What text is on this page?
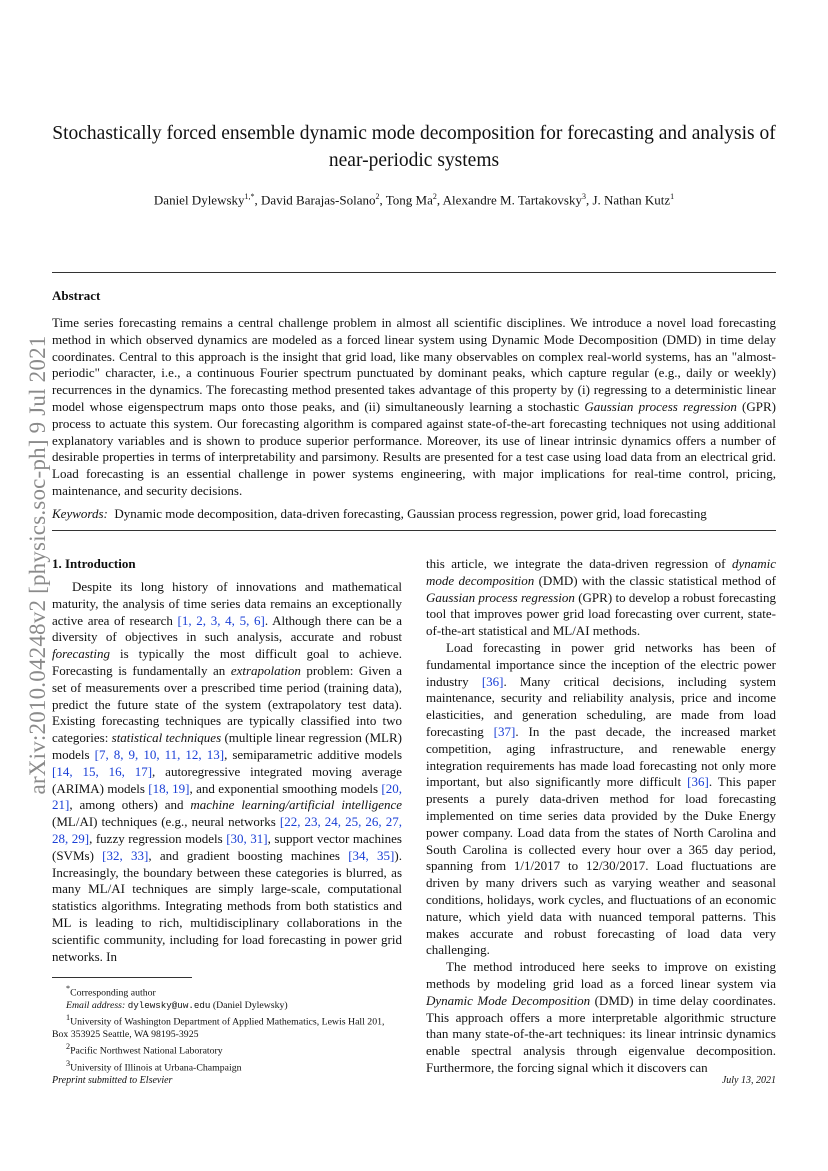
arXiv:2010.04248v2 [physics.soc-ph] 9 Jul 2021
Stochastically forced ensemble dynamic mode decomposition for forecasting and analysis of near-periodic systems
Daniel Dylewsky$^{1,*}$, David Barajas-Solano$^2$, Tong Ma$^2$, Alexandre M. Tartakovsky$^3$, J. Nathan Kutz$^1$
Abstract

Time series forecasting remains a central challenge problem in almost all scientific disciplines. We introduce a novel load forecasting method in which observed dynamics are modeled as a forced linear system using Dynamic Mode Decomposition (DMD) in time delay coordinates. Central to this approach is the insight that grid load, like many observables on complex real-world systems, has an "almost-periodic" character, i.e., a continuous Fourier spectrum punctuated by dominant peaks, which capture regular (e.g., daily or weekly) recurrences in the dynamics. The forecasting method presented takes advantage of this property by (i) regressing to a deterministic linear model whose eigenspectrum maps onto those peaks, and (ii) simultaneously learning a stochastic Gaussian process regression (GPR) process to actuate this system. Our forecasting algorithm is compared against state-of-the-art forecasting techniques not using additional explanatory variables and is shown to produce superior performance. Moreover, its use of linear intrinsic dynamics offers a number of desirable properties in terms of interpretability and parsimony. Results are presented for a test case using load data from an electrical grid. Load forecasting is an essential challenge in power systems engineering, with major implications for real-time control, pricing, maintenance, and security decisions.

Keywords: Dynamic mode decomposition, data-driven forecasting, Gaussian process regression, power grid, load forecasting
1. Introduction

Despite its long history of innovations and mathematical maturity, the analysis of time series data remains an exceptionally active area of research [1, 2, 3, 4, 5, 6]. Although there can be a diversity of objectives in such analysis, accurate and robust forecasting is typically the most difficult goal to achieve. Forecasting is fundamentally an extrapolation problem: Given a set of measurements over a prescribed time period (training data), predict the future state of the system (extrapolatory test data). Existing forecasting techniques are typically classified into two categories: statistical techniques (multiple linear regression (MLR) models [7, 8, 9, 10, 11, 12, 13], semiparametric additive models [14, 15, 16, 17], autoregressive integrated moving average (ARIMA) models [18, 19], and exponential smoothing models [20, 21], among others) and machine learning/artificial intelligence (ML/AI) techniques (e.g., neural networks [22, 23, 24, 25, 26, 27, 28, 29], fuzzy regression models [30, 31], support vector machines (SVMs) [32, 33], and gradient boosting machines [34, 35]). Increasingly, the boundary between these categories is blurred, as many ML/AI techniques are simply large-scale, computational statistics algorithms. Integrating methods from both statistics and ML is leading to rich, multidisciplinary collaborations in the scientific community, including for load forecasting in power grid networks. In

this article, we integrate the data-driven regression of dynamic mode decomposition (DMD) with the classic statistical method of Gaussian process regression (GPR) to develop a robust forecasting tool that improves power grid load forecasting over current, state-of-the-art statistical and ML/AI methods.

Load forecasting in power grid networks has been of fundamental importance since the inception of the electric power industry [36]. Many critical decisions, including system maintenance, security and reliability analysis, price and income elasticities, and generation scheduling, are made from load forecasting [37]. In the past decade, the increased market competition, aging infrastructure, and renewable energy integration requirements has made load forecasting not only more important, but also significantly more difficult [36]. This paper presents a purely data-driven method for load forecasting implemented on time series data provided by the Duke Energy power company. Load data from the states of North Carolina and South Carolina is collected every hour over a 365 day period, spanning from 1/1/2017 to 12/30/2017. Load fluctuations are driven by many drivers such as varying weather and seasonal conditions, holidays, work cycles, and fluctuations of an economic nature, which yield data with nuanced temporal patterns. This makes accurate and robust forecasting of load data very challenging.

The method introduced here seeks to improve on existing methods by modeling grid load as a forced linear system via Dynamic Mode Decomposition (DMD) in time delay coordinates. This approach offers a more interpretable algorithmic structure than many state-of-the-art techniques: its linear intrinsic dynamics enable spectral analysis through eigenvalue decomposition. Furthermore, the forcing signal which it discovers can

*Corresponding author
Email address: dylewsky@uw.edu (Daniel Dylewsky)
$^1$University of Washington Department of Applied Mathematics, Lewis Hall 201, Box 353925 Seattle, WA 98195-3925
$^2$Pacific Northwest National Laboratory
$^3$University of Illinois at Urbana-Champaign
Preprint submitted to Elsevier	July 13, 2021
